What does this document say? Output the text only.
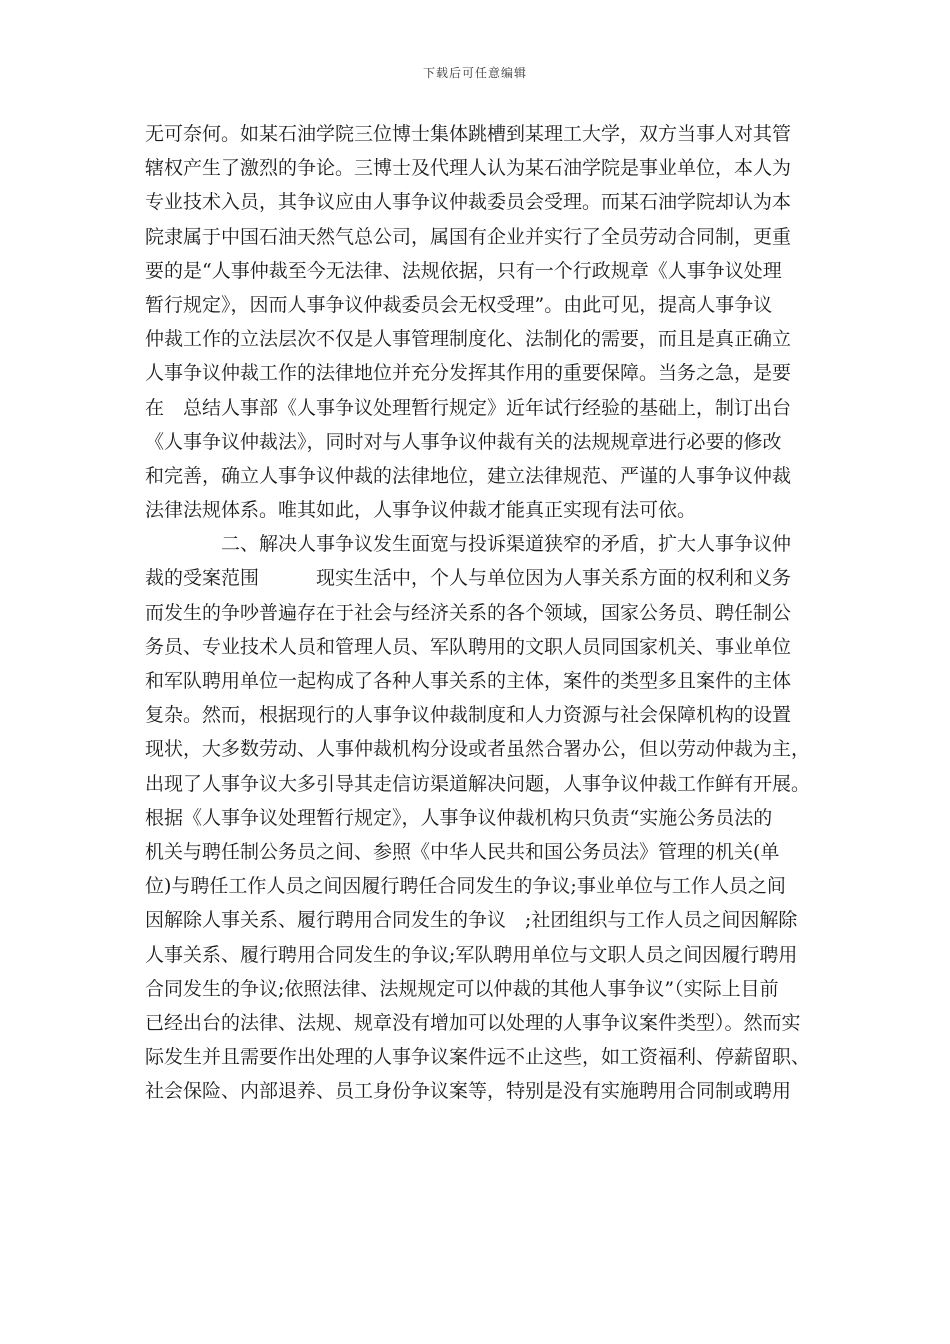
下载后可任意编辑
无可奈何。如某石油学院三位博士集体跳槽到某理工大学，双方当事人对其管
辖权产生了激烈的争论。三博士及代理人认为某石油学院是事业单位，本人为
专业技术入员，其争议应由人事争议仲裁委员会受理。而某石油学院却认为本
院隶属于中国石油天然气总公司，属国有企业并实行了全员劳动合同制，更重
要的是“人事仲裁至今无法律、法规依据，只有一个行政规章《人事争议处理
暂行规定》，因而人事争议仲裁委员会无权受理”。由此可见，提高人事争议
仲裁工作的立法层次不仅是人事管理制度化、法制化的需要，而且是真正确立
人事争议仲裁工作的法律地位并充分发挥其作用的重要保障。当务之急，是要
在　总结人事部《人事争议处理暂行规定》近年试行经验的基础上，制订出台
《人事争议仲裁法》，同时对与人事争议仲裁有关的法规规章进行必要的修改
和完善，确立人事争议仲裁的法律地位，建立法律规范、严谨的人事争议仲裁
法律法规体系。唯其如此，人事争议仲裁才能真正实现有法可依。
二、解决人事争议发生面宽与投诉渠道狭窄的矛盾，扩大人事争议仲
裁的受案范围　　　现实生活中，个人与单位因为人事关系方面的权利和义务
而发生的争吵普遍存在于社会与经济关系的各个领域，国家公务员、聘任制公
务员、专业技术人员和管理人员、军队聘用的文职人员同国家机关、事业单位
和军队聘用单位一起构成了各种人事关系的主体，案件的类型多且案件的主体
复杂。然而，根据现行的人事争议仲裁制度和人力资源与社会保障机构的设置
现状，大多数劳动、人事仲裁机构分设或者虽然合署办公，但以劳动仲裁为主，
出现了人事争议大多引导其走信访渠道解决问题，人事争议仲裁工作鲜有开展。
根据《人事争议处理暂行规定》，人事争议仲裁机构只负责“实施公务员法的
机关与聘任制公务员之间、参照《中华人民共和国公务员法》管理的机关(单
位)与聘任工作人员之间因履行聘任合同发生的争议;事业单位与工作人员之间
因解除人事关系、履行聘用合同发生的争议　;社团组织与工作人员之间因解除
人事关系、履行聘用合同发生的争议;军队聘用单位与文职人员之间因履行聘用
合同发生的争议;依照法律、法规规定可以仲裁的其他人事争议”（实际上目前
已经出台的法律、法规、规章没有增加可以处理的人事争议案件类型）。然而实
际发生并且需要作出处理的人事争议案件远不止这些，如工资福利、停薪留职、
社会保险、内部退养、员工身份争议案等，特别是没有实施聘用合同制或聘用
